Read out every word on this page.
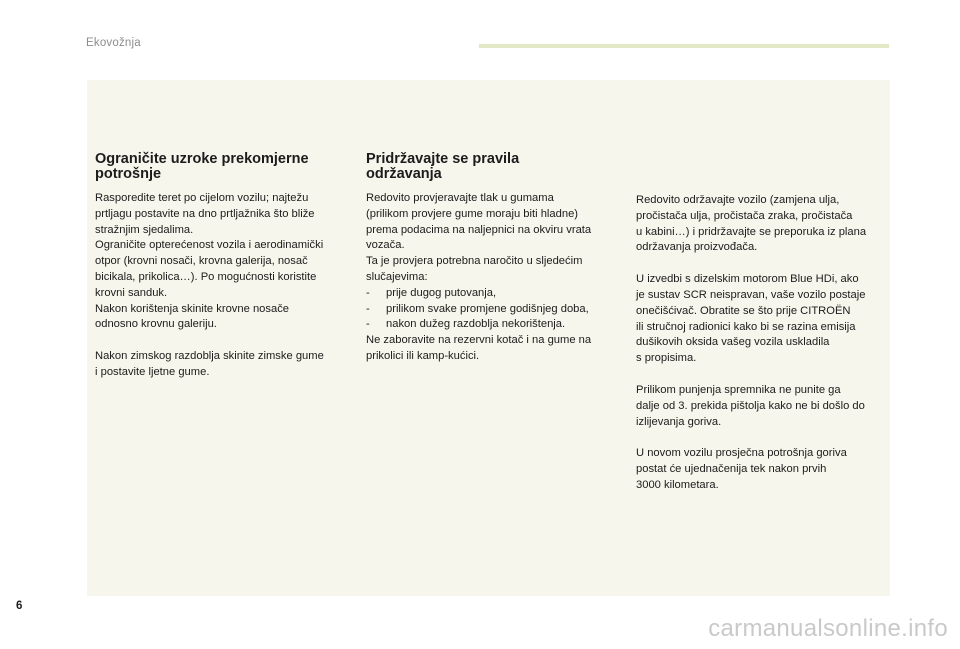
Ekovožnja
Ograničite uzroke prekomjerne
potrošnje

Rasporedite teret po cijelom vozilu; najtežu
prtljagu postavite na dno prtljažnika što bliže
stražnjim sjedalima.
Ograničite opterećenost vozila i aerodinamički
otpor (krovni nosači, krovna galerija, nosač
bicikala, prikolica…). Po mogućnosti koristite
krovni sanduk.
Nakon korištenja skinite krovne nosače
odnosno krovnu galeriju.

Nakon zimskog razdoblja skinite zimske gume
i postavite ljetne gume.

Pridržavajte se pravila
održavanja

Redovito provjeravajte tlak u gumama
(prilikom provjere gume moraju biti hladne)
prema podacima na naljepnici na okviru vrata
vozača.
Ta je provjera potrebna naročito u sljedećim
slučajevima:

- prije dugog putovanja,
- prilikom svake promjene godišnjeg doba,
- nakon dužeg razdoblja nekorištenja.

Ne zaboravite na rezervni kotač i na gume na
prikolici ili kamp-kućici.

Redovito održavajte vozilo (zamjena ulja,
pročistača ulja, pročistača zraka, pročistača
u kabini…) i pridržavajte se preporuka iz plana
održavanja proizvođača.

U izvedbi s dizelskim motorom Blue HDi, ako
je sustav SCR neispravan, vaše vozilo postaje
onečišćivač. Obratite se što prije CITROËN
ili stručnoj radionici kako bi se razina emisija
dušikovih oksida vašeg vozila uskladila
s propisima.

Prilikom punjenja spremnika ne punite ga
dalje od 3. prekida pištolja kako ne bi došlo do
izlijevanja goriva.

U novom vozilu prosječna potrošnja goriva
postat će ujednačenija tek nakon prvih
3000 kilometara.

6
carmanualsonline.info
